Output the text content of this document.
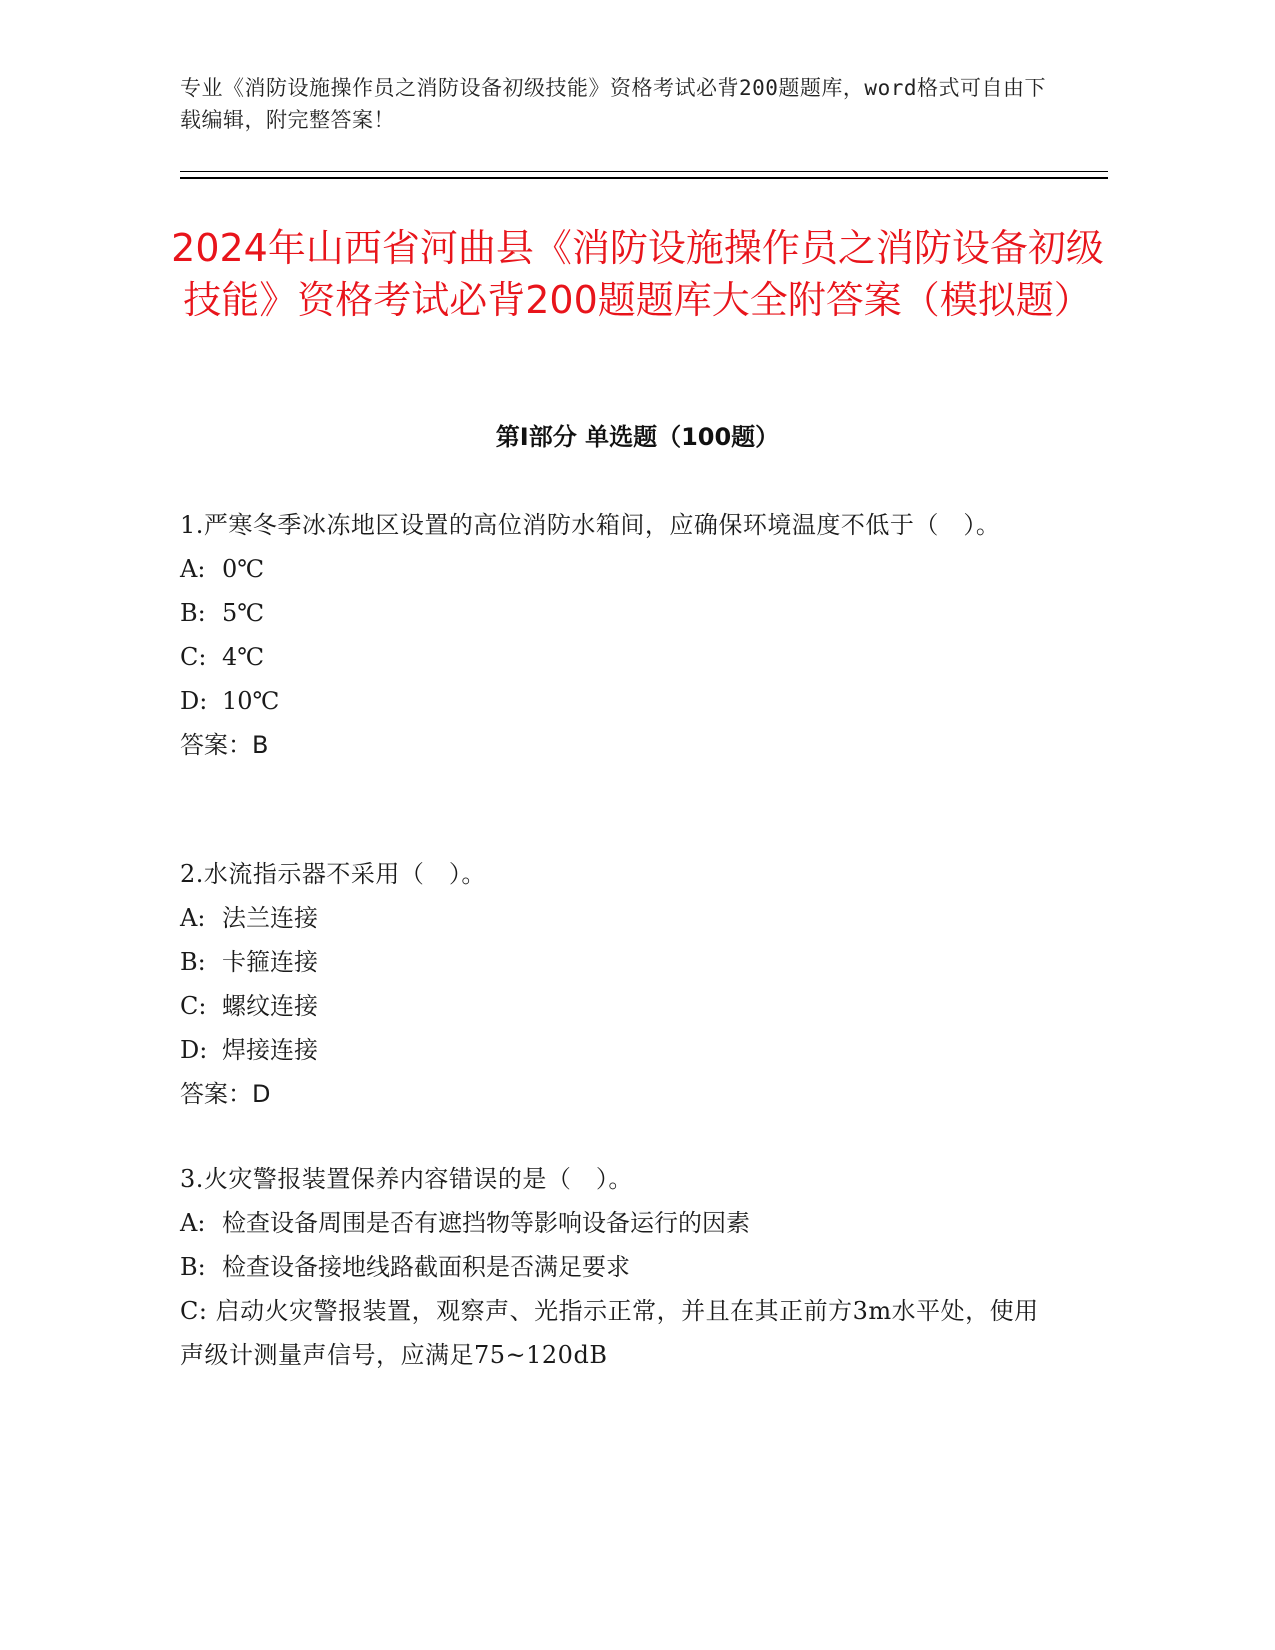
专业《消防设施操作员之消防设备初级技能》资格考试必背200题题库，word格式可自由下载编辑，附完整答案！
2024年山西省河曲县《消防设施操作员之消防设备初级技能》资格考试必背200题题库大全附答案（模拟题）
第Ⅰ部分 单选题（100题）
1.严寒冬季冰冻地区设置的高位消防水箱间，应确保环境温度不低于（　）。
A: 0℃
B: 5℃
C: 4℃
D: 10℃
答案：B
2.水流指示器不采用（　）。
A: 法兰连接
B: 卡箍连接
C: 螺纹连接
D: 焊接连接
答案：D
3.火灾警报装置保养内容错误的是（　）。
A: 检查设备周围是否有遮挡物等影响设备运行的因素
B: 检查设备接地线路截面积是否满足要求
C: 启动火灾警报装置，观察声、光指示正常，并且在其正前方3m水平处，使用声级计测量声信号，应满足75~120dB
